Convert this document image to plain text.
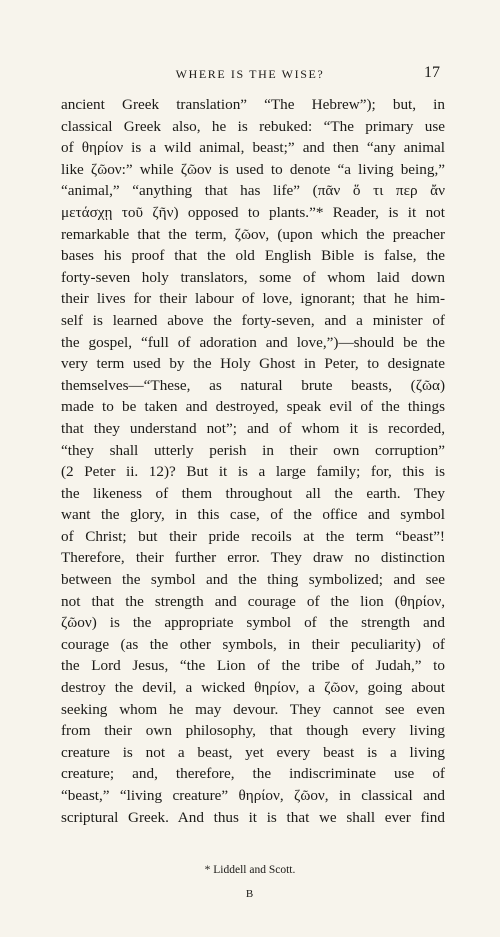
WHERE IS THE WISE?	17
ancient Greek translation” “The Hebrew”); but, in
classical Greek also, he is rebuked: “The primary use
of θηρίον is a wild animal, beast;” and then “any animal
like ζῶον:” while ζῶον is used to denote “a living being,”
“animal,” “anything that has life” (πᾶν ὅ τι περ ἄν
μετάσχῃ τοῦ ζῆν) opposed to plants.”* Reader, is it not
remarkable that the term, ζῶον, (upon which the preacher
bases his proof that the old English Bible is false, the
forty-seven holy translators, some of whom laid down
their lives for their labour of love, ignorant; that he him-
self is learned above the forty-seven, and a minister of
the gospel, “full of adoration and love,”)—should be the
very term used by the Holy Ghost in Peter, to designate
themselves—“These, as natural brute beasts, (ζῶα)
made to be taken and destroyed, speak evil of the things
that they understand not”; and of whom it is recorded,
“they shall utterly perish in their own corruption”
(2 Peter ii. 12)? But it is a large family; for, this is
the likeness of them throughout all the earth. They
want the glory, in this case, of the office and symbol
of Christ; but their pride recoils at the term “beast”!
Therefore, their further error. They draw no distinction
between the symbol and the thing symbolized; and see
not that the strength and courage of the lion (θηρίον,
ζῶον) is the appropriate symbol of the strength and
courage (as the other symbols, in their peculiarity) of
the Lord Jesus, “the Lion of the tribe of Judah,” to
destroy the devil, a wicked θηρίον, a ζῶον, going about
seeking whom he may devour. They cannot see even
from their own philosophy, that though every living
creature is not a beast, yet every beast is a living
creature; and, therefore, the indiscriminate use of
“beast,” “living creature” θηρίον, ζῶον, in classical and
scriptural Greek. And thus it is that we shall ever find
* Liddell and Scott.
B
